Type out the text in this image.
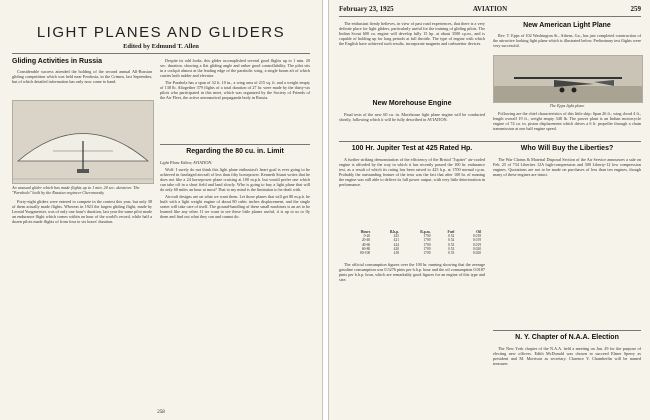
LIGHT PLANES AND GLIDERS
Edited by Edmund T. Allen
Gliding Activities in Russia

Considerable success attended the holding of the second annual All-Russian gliding competition which was held near Feodosia, in the Crimea, last September, but of which detailed information has only now come to hand.

An unusual glider which has made flights up to 1 min. 20 sec. duration: The "Parabola" built by the Russian engineer Cheranovsky

Forty-eight gliders were entered to compete in the contest this year, but only 38 of them actually made flights. Whereas in 1923 the largest gliding flight, made by Leonid Yungmeister, was of only one hour's duration, last year the same pilot made an endurance flight which comes within an hour of the world's record, while half a dozen pilots made flights of from four to six hours' duration.

Despite its odd looks, this glider accomplished several good flights up to 1 min. 20 sec. duration, showing a flat gliding angle and rather good controllability. The pilot sits in a cockpit almost at the leading edge of the parabolic wing, a single boom aft of which carries both rudder and elevator.

The Parabola has a span of 32 ft. 10 in., a wing area of 215 sq. ft. and a weight empty of 138 lb. Altogether 379 flights of a total duration of 27 hr. were made by the thirty-six pilots who participated in this meet, which was organized by the Society of Friends of the Air Fleet, the active aeronautical propaganda body in Russia.

Regarding the 80 cu. in. Limit

Light Plane Editor, AVIATION:

Wolf: I surely do not think this light plane enthusiast's heart goal is ever going to be achieved in fuselaged aircraft of less than fifty horsepower. Kenneth Stuart writes that he does not like a 24 horsepower plane cruising at 100 m.p.h. but would prefer one which can take off in a short field and land slowly. Who is going to buy a light plane that will do only 60 miles an hour at most? That to my mind is the limitation to be dealt with.

Aircraft designs are on what we want them. Let those planes that will get 80 m.p.h. be built with a light weight engine of about 80 cubic inches displacement, and the single seater will take care of itself. The ground-handling of these small machines is an art to be learned like any other. If we want to see these little planes useful, it is up to us to fly them and find out what they can and cannot do.

258
February 23, 1925	AVIATION	259

The enthusiast firmly believes, in view of past road experiences, that there is a very definite place for light gliders, particularly useful for the training of gliding pilots. The Indian Scout 600 cu. engine will develop fully 15 hp. at about 3500 r.p.m., and is capable of holding up for long periods at full throttle. The type of engine with which the English have achieved such results, incorporate magneto and carburettor devices.

New Morehouse Engine

Final tests of the new 60 cu. in. Morehouse light plane engine will be conducted shortly, following which it will be fully described in AVIATION.

New American Light Plane

Rev. T. Epps of 102 Washington St., Athens, Ga., has just completed construction of the attractive looking light plane which is illustrated below. Preliminary test flights were very successful.

The Epps light plane

Following are the chief characteristics of this little ship: Span 26 ft., wing chord 4 ft., length overall 19 ft., weight empty 348 lb. The power plant is an Indian motorcycle engine of 74 cu. in. piston displacement which drives a 6 ft. propeller through a chain transmission at one half engine speed.

100 Hr. Jupiter Test at 425 Rated Hp.

A further striking demonstration of the efficiency of the Bristol "Jupiter" air-cooled engine is afforded by the way in which it has recently passed the 100 hr. endurance test, as a result of which its rating has been raised to 425 h.p. at 1700 normal r.p.m. Probably the outstanding feature of the tests was the fact that after 100 hr. of running the engine was still able to deliver its full power output, with very little deterioration in performance.

Hours	B.h.p.	R.p.m.	Fuel	Oil
0-20	425	1700	0.52	0.018
20-40	421	1700	0.52	0.019
40-60	424	1700	0.53	0.019
60-80	420	1700	0.52	0.020
80-100	418	1700	0.53	0.020

The official consumption figures over the 100 hr. running showing that the average gasoline consumption was 0.5276 pints per b.h.p. hour and the oil consumption 0.0187 pints per b.h.p. hour, which are remarkably good figures for an engine of this type and size.

Who Will Buy the Liberties?

The War Claims & Material Disposal Section of the Air Service announces a sale on Feb. 25 of 734 Liberties 12A high-compression and 300 Liberty-12 low compression engines. Quotations are not to be made on purchases of less than ten engines, though many of these engines are intact.

N. Y. Chapter of N.A.A. Election

The New York chapter of the N.A.A. held a meeting on Jan. 29 for the purpose of electing new officers. Edith McDonald was chosen to succeed Elmer Sperry as president and M. Morrison as secretary. Clarence Y. Chamberlin will be named treasurer.
